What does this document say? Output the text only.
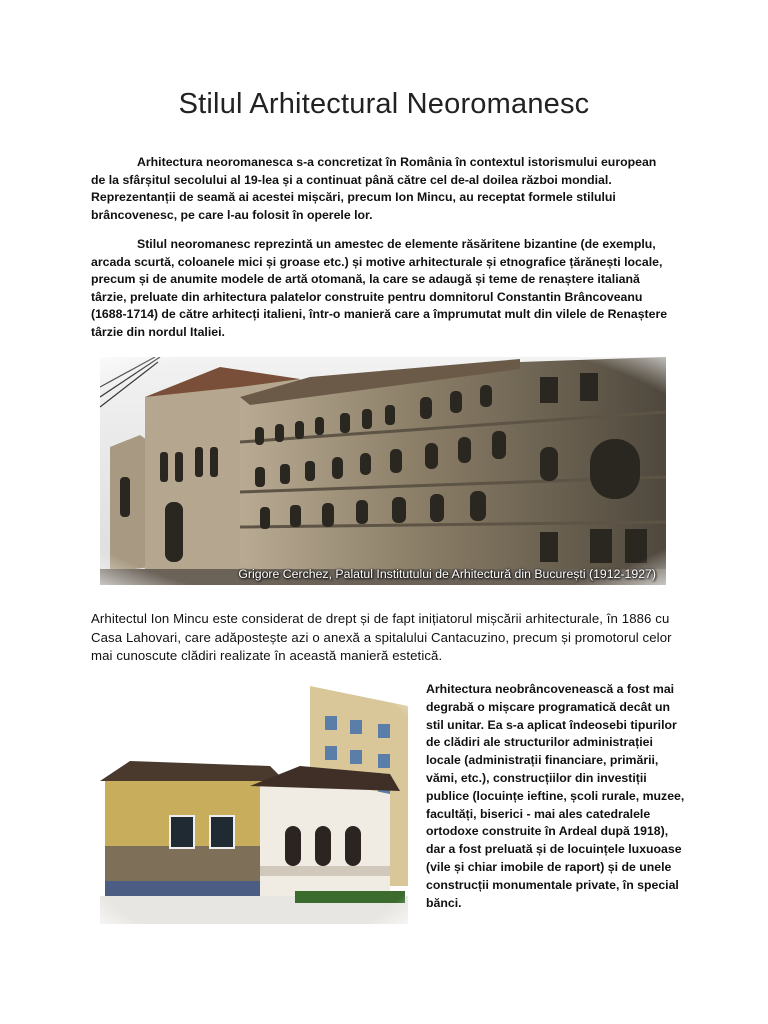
Stilul Arhitectural Neoromanesc
Arhitectura neoromanesca s-a concretizat în România în contextul istorismului european de la sfârșitul secolului al 19-lea și a continuat până către cel de-al doilea război mondial. Reprezentanții de seamă ai acestei mișcări, precum Ion Mincu, au receptat formele stilului brâncovenesc, pe care l-au folosit în operele lor.
Stilul neoromanesc reprezintă un amestec de elemente răsăritene bizantine (de exemplu, arcada scurtă, coloanele mici și groase etc.) și motive arhitecturale și etnografice țărănești locale, precum și de anumite modele de artă otomană, la care se adaugă și teme de renaștere italiană târzie, preluate din arhitectura palatelor construite pentru domnitorul Constantin Brâncoveanu (1688-1714) de către arhitecți italieni, într-o manieră care a împrumutat mult din vilele de Renaștere târzie din nordul Italiei.
Grigore Cerchez, Palatul Institutului de Arhitectură din București (1912-1927)
Arhitectul Ion Mincu este considerat de drept și de fapt inițiatorul mișcării arhitecturale, în 1886 cu Casa Lahovari, care adăpostește azi o anexă a spitalului Cantacuzino, precum și promotorul celor mai cunoscute clădiri realizate în această manieră estetică.
Arhitectura neobrâncovenească a fost mai degrabă o mișcare programatică decât un stil unitar. Ea s-a aplicat îndeosebi tipurilor de clădiri ale structurilor administrației locale (administrații financiare, primării, vămi, etc.), construcțiilor din investiții publice (locuințe ieftine, școli rurale, muzee, facultăți, biserici - mai ales catedralele ortodoxe construite în Ardeal după 1918), dar a fost preluată și de locuințele luxuoase (vile și chiar imobile de raport) și de unele construcții monumentale private, în special bănci.
